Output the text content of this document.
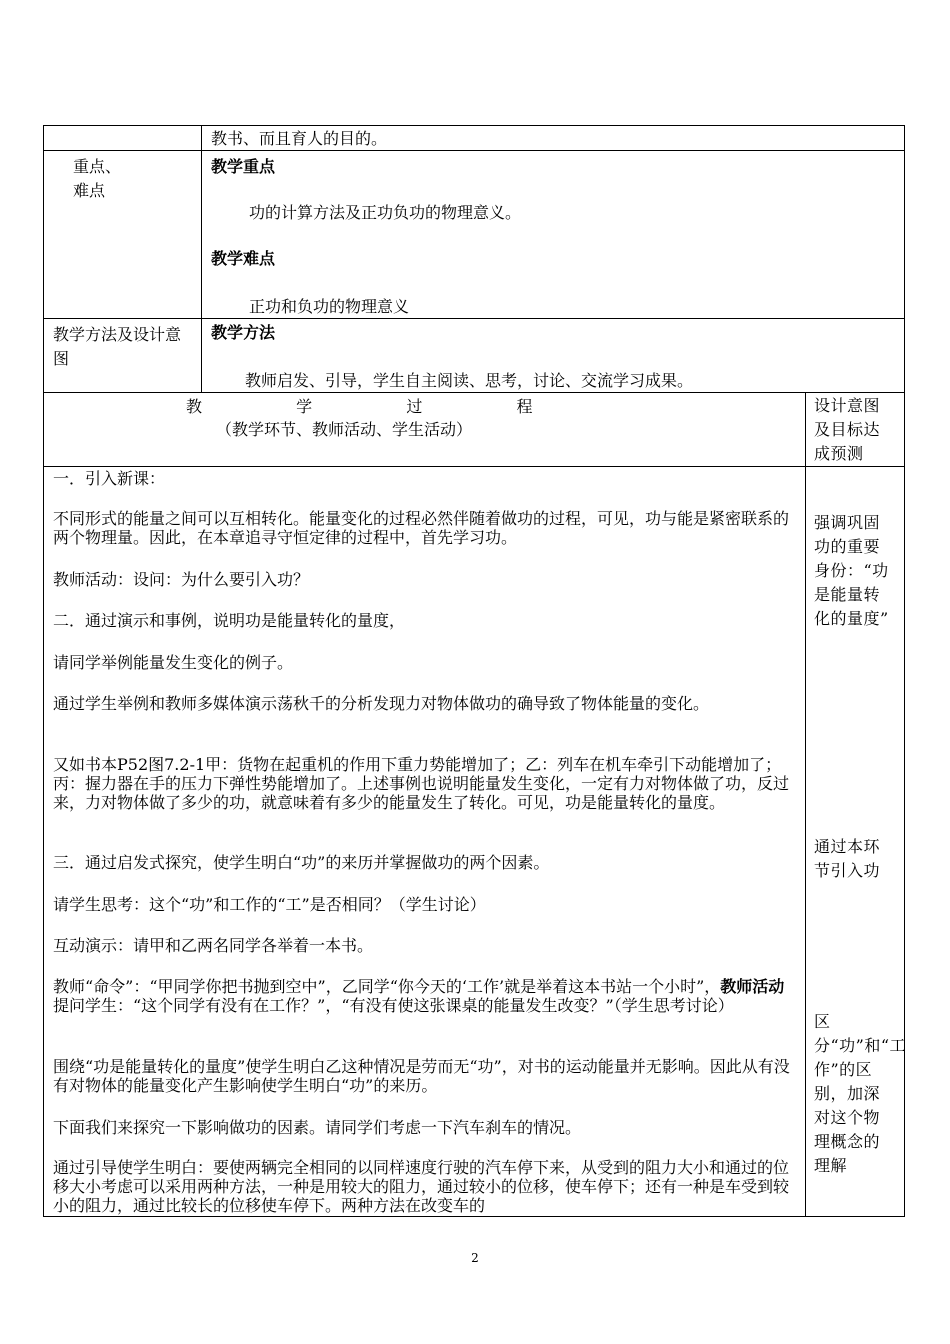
教书、而且育人的目的。
重点、
难点
教学重点
功的计算方法及正功负功的物理意义。
教学难点
正功和负功的物理意义
教学方法及设计意图
教学方法
教师启发、引导，学生自主阅读、思考，讨论、交流学习成果。
教  学  过  程
（教学环节、教师活动、学生活动）
设计意图及目标达成预测
一．引入新课：
不同形式的能量之间可以互相转化。能量变化的过程必然伴随着做功的过程，可见，功与能是紧密联系的两个物理量。因此，在本章追寻守恒定律的过程中，首先学习功。
教师活动：设问：为什么要引入功？
二．通过演示和事例，说明功是能量转化的量度，
请同学举例能量发生变化的例子。
通过学生举例和教师多媒体演示荡秋千的分析发现力对物体做功的确导致了物体能量的变化。
又如书本P52图7.2-1甲：货物在起重机的作用下重力势能增加了；乙：列车在机车牵引下动能增加了；丙：握力器在手的压力下弹性势能增加了。上述事例也说明能量发生变化，一定有力对物体做了功，反过来，力对物体做了多少的功，就意味着有多少的能量发生了转化。可见，功是能量转化的量度。
三．通过启发式探究，使学生明白“功”的来历并掌握做功的两个因素。
请学生思考：这个“功”和工作的“工”是否相同？（学生讨论）
互动演示：请甲和乙两名同学各举着一本书。
教师“命令”：“甲同学你把书抛到空中”，乙同学“你今天的‘工作’就是举着这本书站一个小时”，教师活动提问学生：“这个同学有没有在工作？”，“有没有使这张课桌的能量发生改变？”（学生思考讨论）
围绕“功是能量转化的量度”使学生明白乙这种情况是劳而无“功”，对书的运动能量并无影响。因此从有没有对物体的能量变化产生影响使学生明白“功”的来历。
下面我们来探究一下影响做功的因素。请同学们考虑一下汽车刹车的情况。
通过引导使学生明白：要使两辆完全相同的以同样速度行驶的汽车停下来，从受到的阻力大小和通过的位移大小考虑可以采用两种方法，一种是用较大的阻力，通过较小的位移，使车停下；还有一种是车受到较小的阻力，通过比较长的位移使车停下。两种方法在改变车的
强调巩固功的重要身份：“功是能量转化的量度”
通过本环节引入功
区分“功”和“工作”的区别，加深对这个物理概念的理解
2
